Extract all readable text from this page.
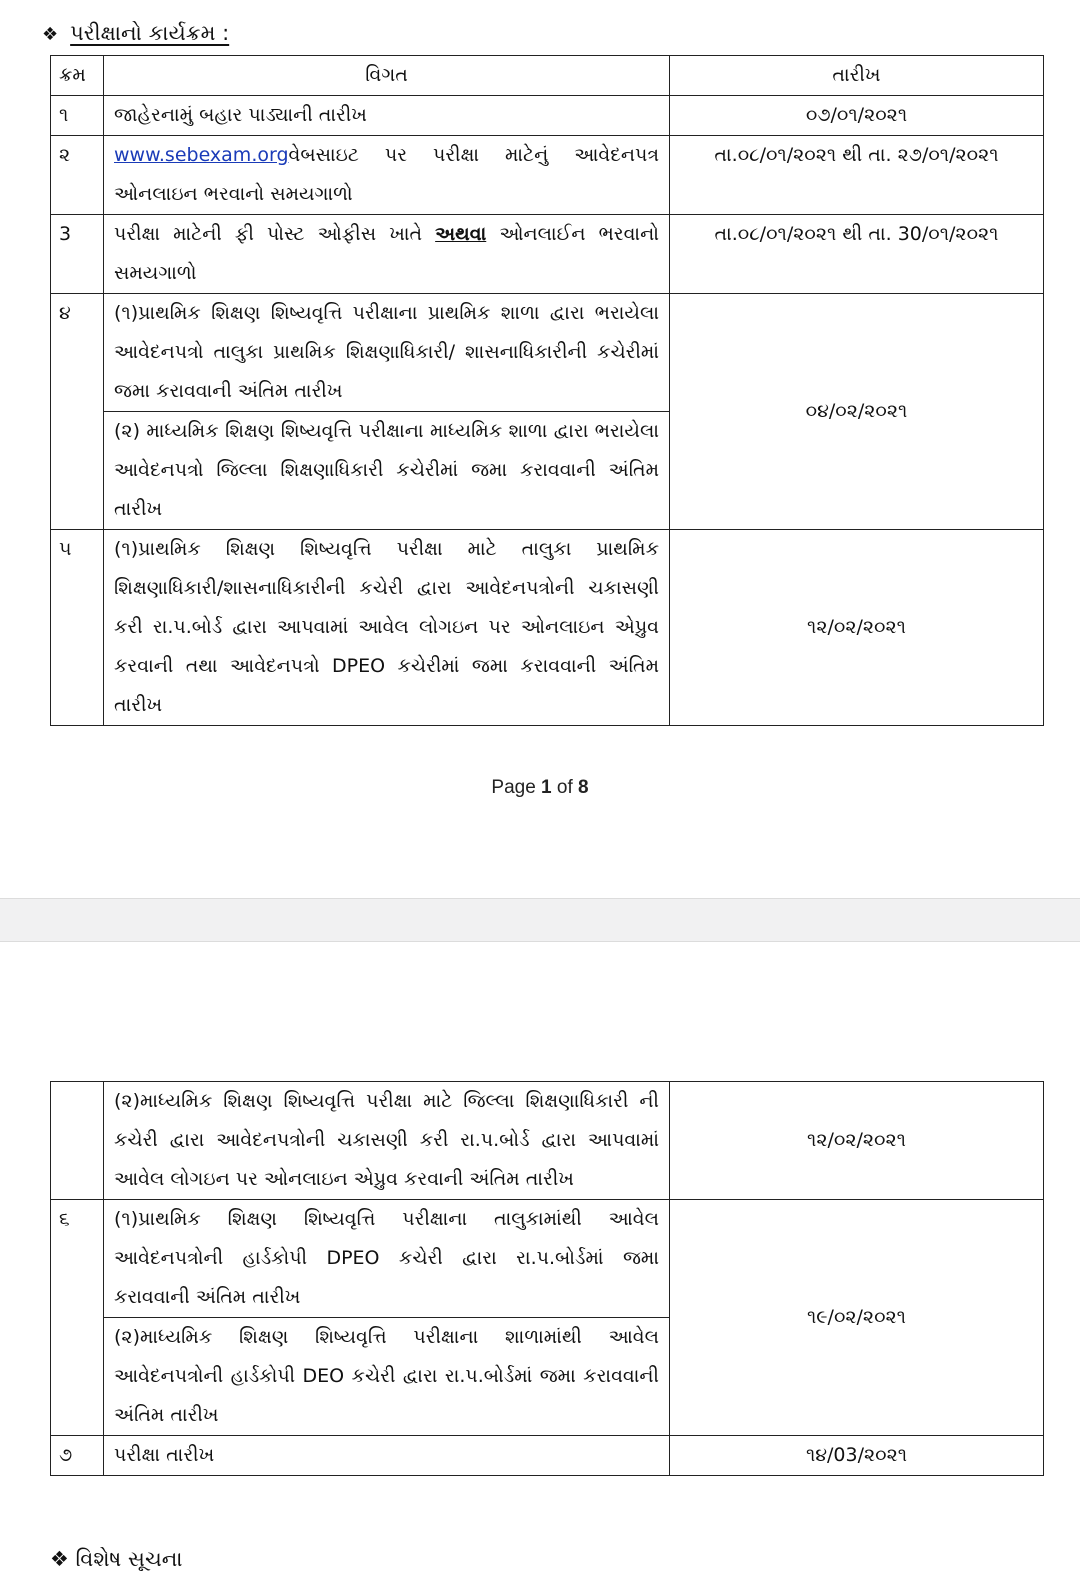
❖ પરીક્ષાનો કાર્યક્રમ :
ક્રમ	વિગત	તારીખ
૧	જાહેરનામું બહાર પાડ્યાની તારીખ	૦૭/૦૧/૨૦૨૧
૨	www.sebexam.orgવેબસાઇટ પર પરીક્ષા માટેનું આવેદનપત્ર ઓનલાઇન ભરવાનો સમયગાળો	તા.૦૮/૦૧/૨૦૨૧ થી તા. ૨૭/૦૧/૨૦૨૧
3	પરીક્ષા માટેની ફી પોસ્ટ ઓફીસ ખાતે અથવા ઓનલાઈન ભરવાનો સમયગાળો	તા.૦૮/૦૧/૨૦૨૧ થી તા. 30/૦૧/૨૦૨૧
૪	(૧)પ્રાથમિક શિક્ષણ શિષ્યવૃત્તિ પરીક્ષાના પ્રાથમિક શાળા દ્વારા ભરાયેલા આવેદનપત્રો તાલુકા પ્રાથમિક શિક્ષણાધિકારી/ શાસનાધિકારીની કચેરીમાં જમા કરાવવાની અંતિમ તારીખ	૦૪/૦૨/૨૦૨૧
	(૨) માધ્યમિક શિક્ષણ શિષ્યવૃત્તિ પરીક્ષાના માધ્યમિક શાળા દ્વારા ભરાયેલા આવેદનપત્રો જિલ્લા શિક્ષણાધિકારી કચેરીમાં જમા કરાવવાની અંતિમ તારીખ	
૫	(૧)પ્રાથમિક શિક્ષણ શિષ્યવૃત્તિ પરીક્ષા માટે તાલુકા પ્રાથમિક શિક્ષણાધિકારી/શાસનાધિકારીની કચેરી દ્વારા આવેદનપત્રોની ચકાસણી કરી રા.પ.બોર્ડ દ્વારા આપવામાં આવેલ લોગઇન પર ઓનલાઇન એપ્રુવ કરવાની તથા આવેદનપત્રો DPEO કચેરીમાં જમા કરાવવાની અંતિમ તારીખ	૧૨/૦૨/૨૦૨૧
Page 1 of 8
	(૨)માધ્યમિક શિક્ષણ શિષ્યવૃત્તિ પરીક્ષા માટે જિલ્લા શિક્ષણાધિકારી ની કચેરી દ્વારા આવેદનપત્રોની ચકાસણી કરી રા.પ.બોર્ડ દ્વારા આપવામાં આવેલ લોગઇન પર ઓનલાઇન એપ્રુવ કરવાની અંતિમ તારીખ	૧૨/૦૨/૨૦૨૧
૬	(૧)પ્રાથમિક શિક્ષણ શિષ્યવૃત્તિ પરીક્ષાના તાલુકામાંથી આવેલ આવેદનપત્રોની હાર્ડકોપી DPEO કચેરી દ્વારા રા.પ.બોર્ડમાં જમા કરાવવાની અંતિમ તારીખ	૧૯/૦૨/૨૦૨૧
	(૨)માધ્યમિક શિક્ષણ શિષ્યવૃત્તિ પરીક્ષાના શાળામાંથી આવેલ આવેદનપત્રોની હાર્ડકોપી DEO કચેરી દ્વારા રા.પ.બોર્ડમાં જમા કરાવવાની અંતિમ તારીખ	
૭	પરીક્ષા તારીખ	૧૪/03/૨૦૨૧
❖ વિશેષ સૂચના
